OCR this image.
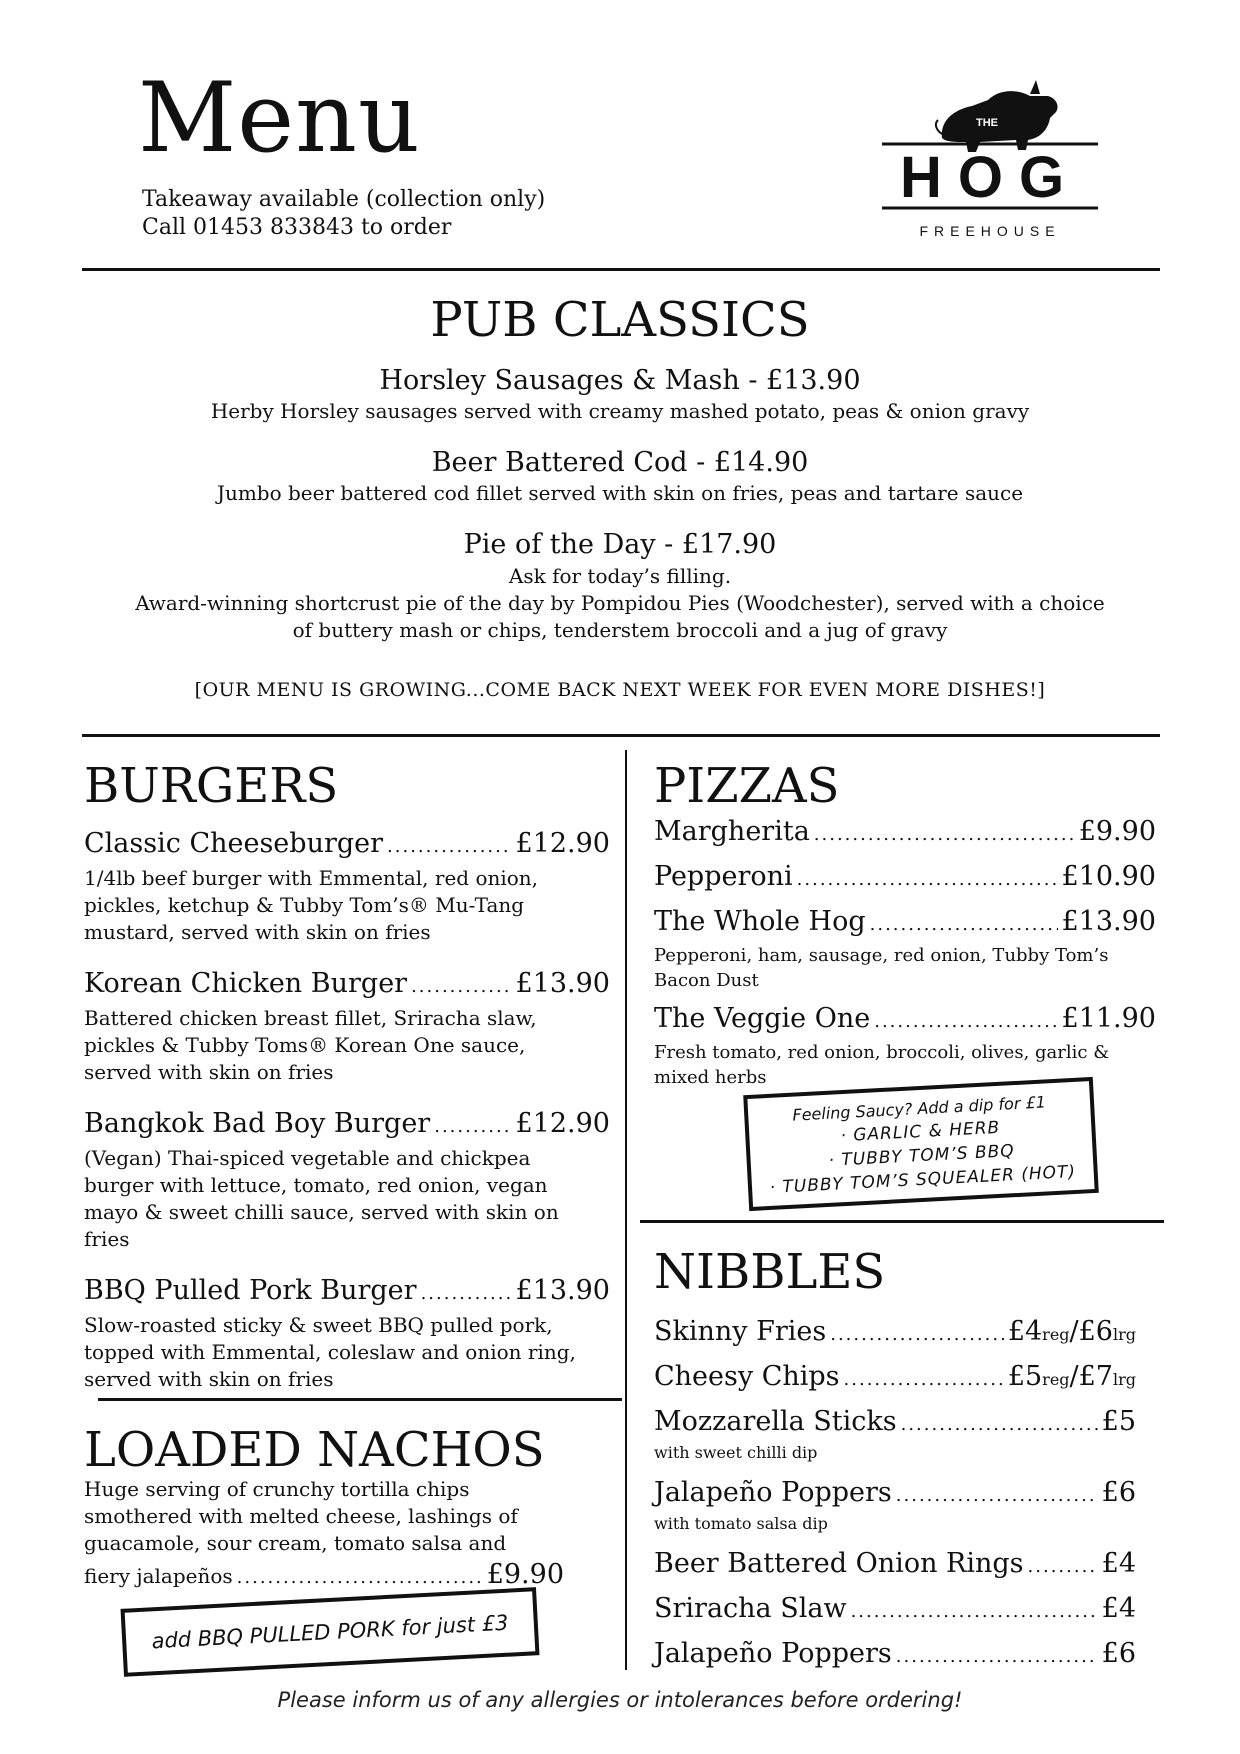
Menu
Takeaway available (collection only)
Call 01453 833843 to order
THE
HOG
FREEHOUSE
PUB CLASSICS
Horsley Sausages & Mash - £13.90
Herby Horsley sausages served with creamy mashed potato, peas & onion gravy
Beer Battered Cod - £14.90
Jumbo beer battered cod fillet served with skin on fries, peas and tartare sauce
Pie of the Day - £17.90
Ask for today’s filling.
Award-winning shortcrust pie of the day by Pompidou Pies (Woodchester), served with a choice
of buttery mash or chips, tenderstem broccoli and a jug of gravy
[OUR MENU IS GROWING...COME BACK NEXT WEEK FOR EVEN MORE DISHES!]
BURGERS
Classic Cheeseburger .....	£12.90
1/4lb beef burger with Emmental, red onion,
pickles, ketchup & Tubby Tom’s® Mu-Tang
mustard, served with skin on fries
Korean Chicken Burger .....	£13.90
Battered chicken breast fillet, Sriracha slaw,
pickles & Tubby Toms® Korean One sauce,
served with skin on fries
Bangkok Bad Boy Burger .....	£12.90
(Vegan) Thai-spiced vegetable and chickpea
burger with lettuce, tomato, red onion, vegan
mayo & sweet chilli sauce, served with skin on
fries
BBQ Pulled Pork Burger .....	£13.90
Slow-roasted sticky & sweet BBQ pulled pork,
topped with Emmental, coleslaw and onion ring,
served with skin on fries
LOADED NACHOS
Huge serving of crunchy tortilla chips
smothered with melted cheese, lashings of
guacamole, sour cream, tomato salsa and
fiery jalapeños .....	£9.90
add BBQ PULLED PORK for just £3
PIZZAS
Margherita .....	£9.90
Pepperoni .....	£10.90
The Whole Hog .....	£13.90
Pepperoni, ham, sausage, red onion, Tubby Tom’s
Bacon Dust
The Veggie One .....	£11.90
Fresh tomato, red onion, broccoli, olives, garlic &
mixed herbs
Feeling Saucy? Add a dip for £1
· GARLIC & HERB
· TUBBY TOM’S BBQ
· TUBBY TOM’S SQUEALER (HOT)
NIBBLES
Skinny Fries .....	£4reg/£6lrg
Cheesy Chips .....	£5reg/£7lrg
Mozzarella Sticks .....	£5
with sweet chilli dip
Jalapeño Poppers .....	£6
with tomato salsa dip
Beer Battered Onion Rings .....	£4
Sriracha Slaw .....	£4
Jalapeño Poppers .....	£6
Please inform us of any allergies or intolerances before ordering!
